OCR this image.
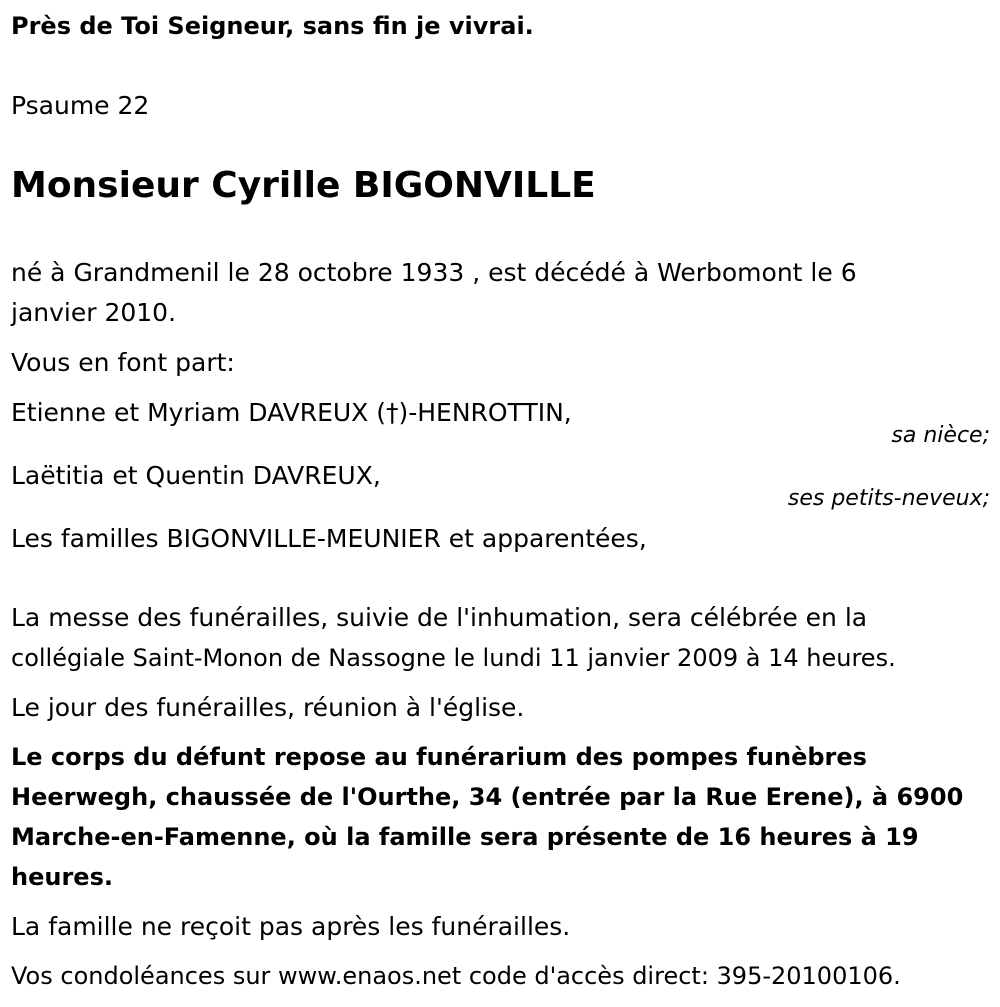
Près de Toi Seigneur, sans fin je vivrai.
Psaume 22
Monsieur Cyrille BIGONVILLE
né à Grandmenil le 28 octobre 1933 , est décédé à Werbomont le 6
janvier 2010.
Vous en font part:
Etienne et Myriam DAVREUX (†)-HENROTTIN,
sa nièce;
Laëtitia et Quentin DAVREUX,
ses petits-neveux;
Les familles BIGONVILLE-MEUNIER et apparentées,
La messe des funérailles, suivie de l'inhumation, sera célébrée en la
collégiale Saint-Monon de Nassogne le lundi 11 janvier 2009 à 14 heures.
Le jour des funérailles, réunion à l'église.
Le corps du défunt repose au funérarium des pompes funèbres
Heerwegh, chaussée de l'Ourthe, 34 (entrée par la Rue Erene), à 6900
Marche-en-Famenne, où la famille sera présente de 16 heures à 19
heures.
La famille ne reçoit pas après les funérailles.
Vos condoléances sur www.enaos.net code d'accès direct: 395-20100106.
